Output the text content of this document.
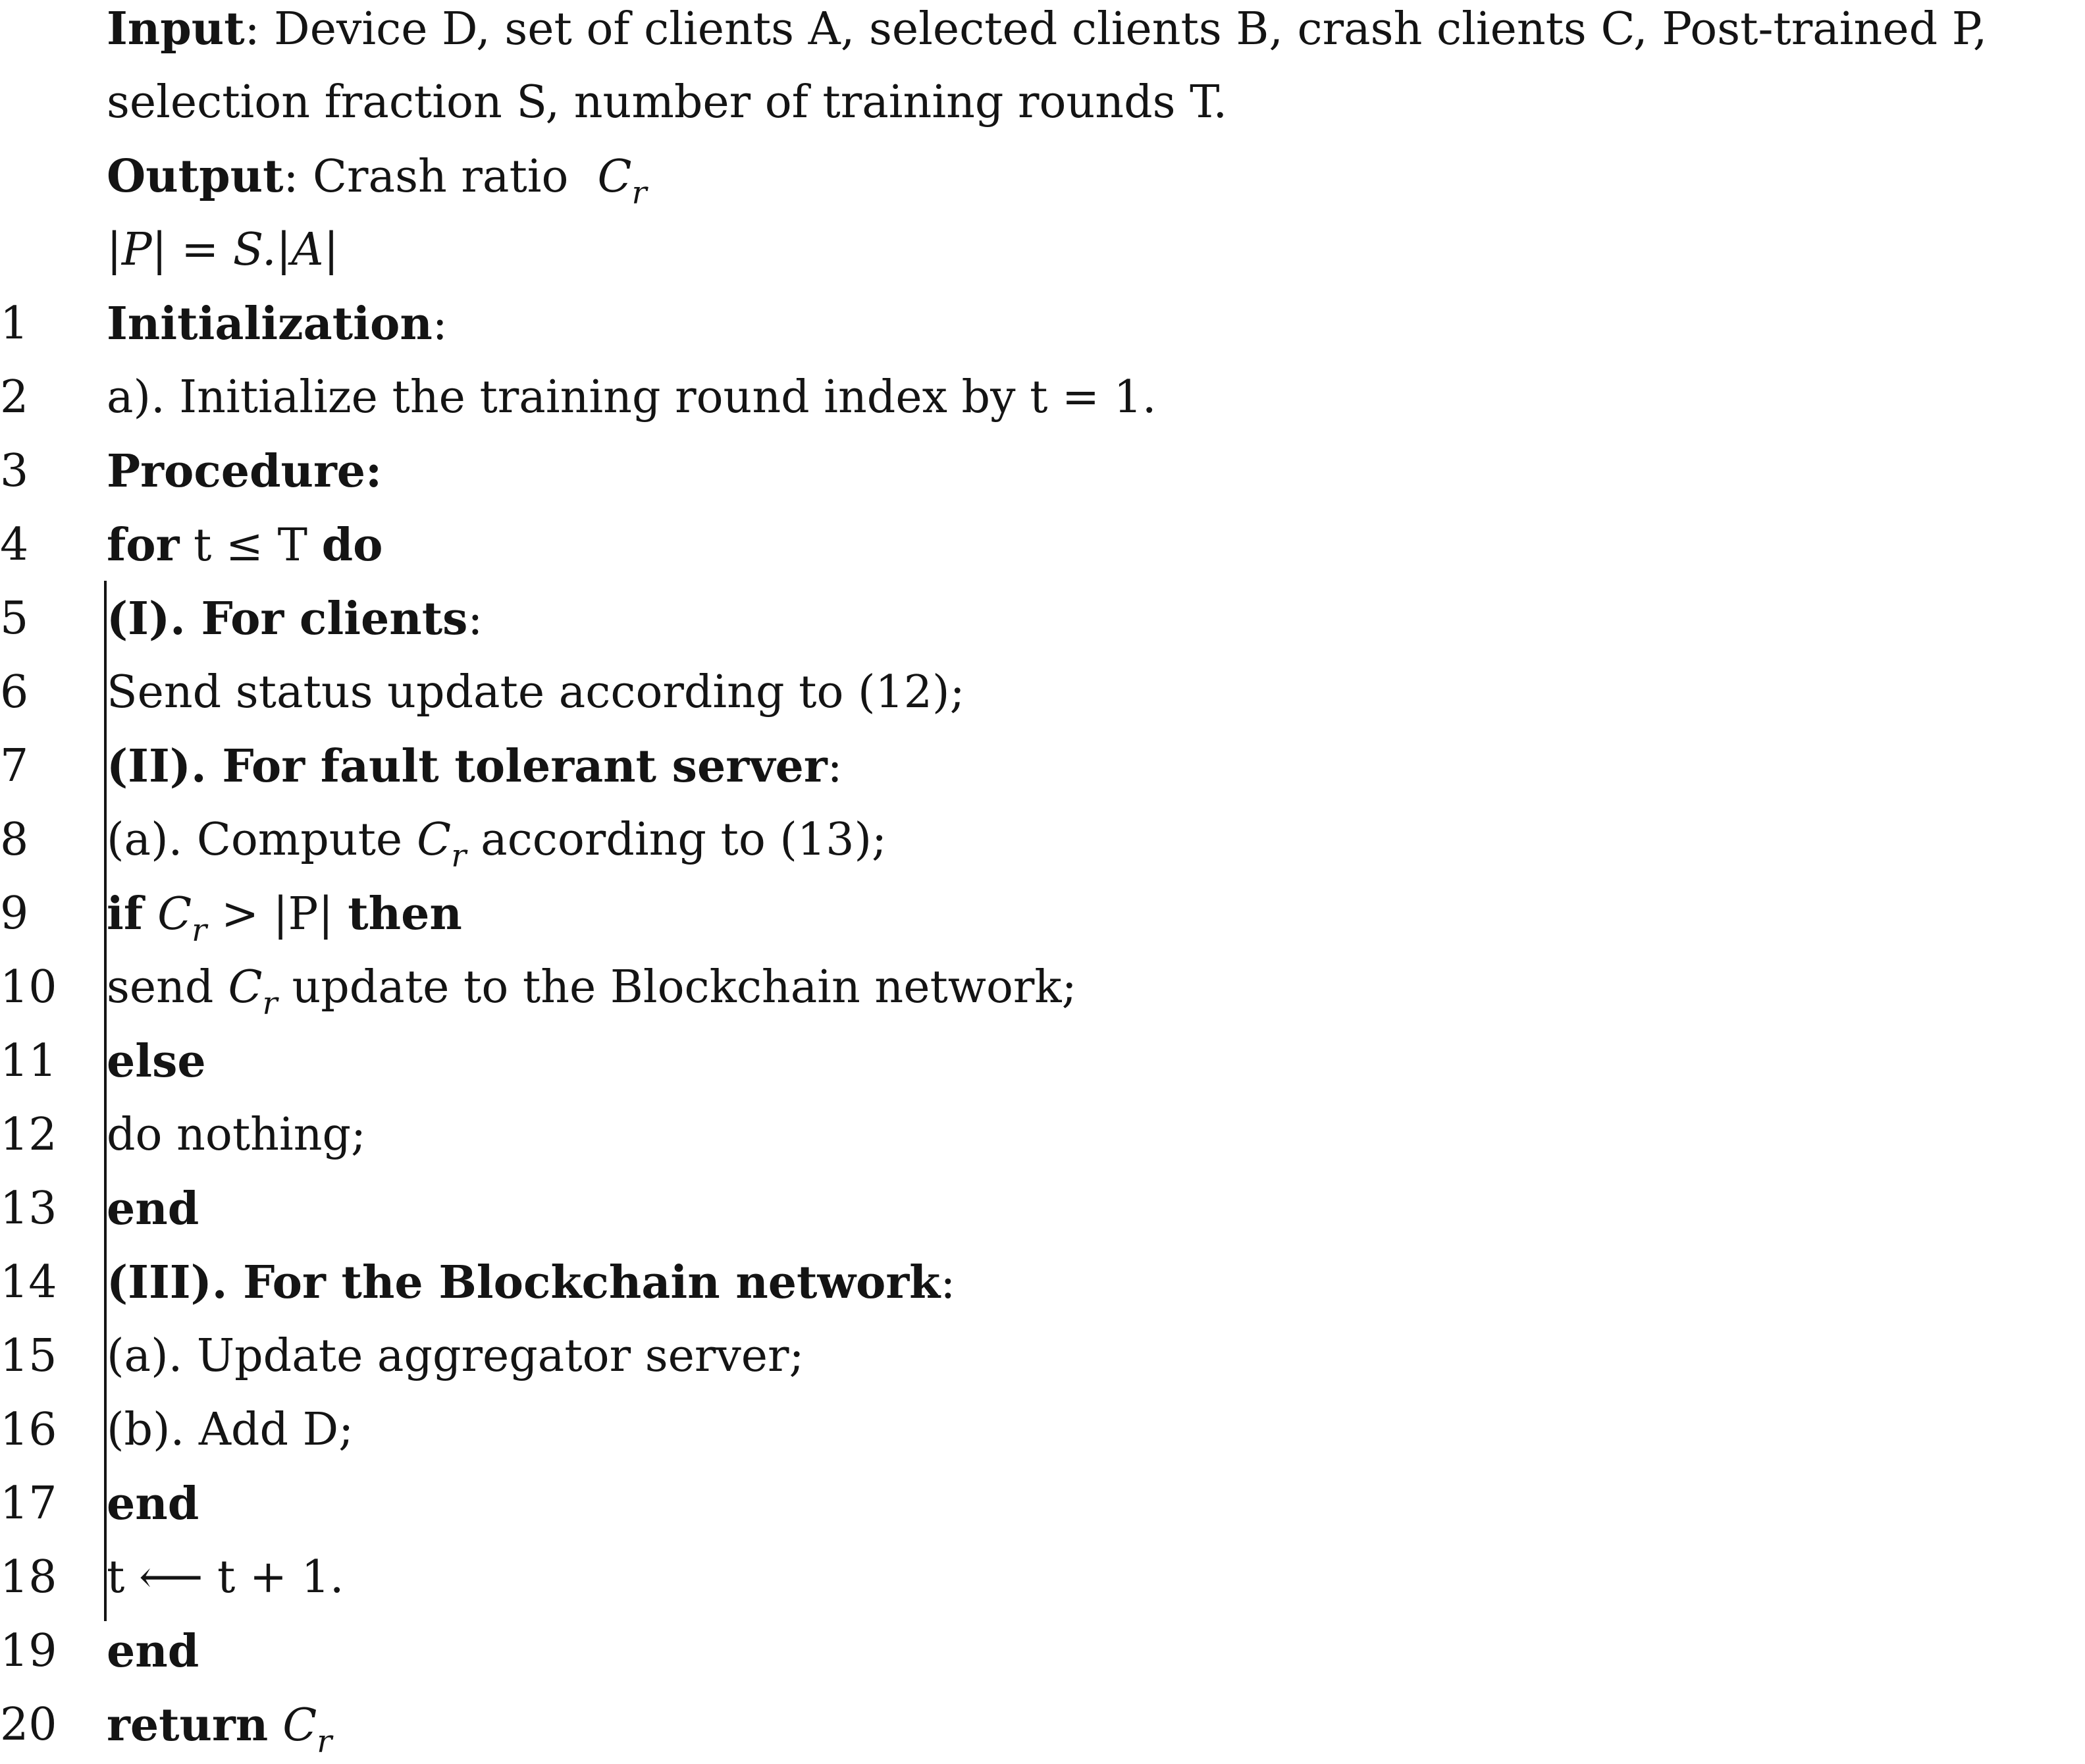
Input: Device D, set of clients A, selected clients B, crash clients C, Post-trained P,
selection fraction S, number of training rounds T.
Output: Crash ratio $C_r$
|P| = S.|A|
1	Initialization:
2	a). Initialize the training round index by t = 1.
3	Procedure:
4	for t ≤ T do
5	(I). For clients:
6	Send status update according to (12);
7	(II). For fault tolerant server:
8	(a). Compute $C_r$ according to (13);
9	if $C_r > |P|$ then
10	send $C_r$ update to the Blockchain network;
11	else
12	do nothing;
13	end
14	(III). For the Blockchain network:
15	(a). Update aggregator server;
16	(b). Add D;
17	end
18	t ⟵ t + 1.
19	end
20	return $C_r$
